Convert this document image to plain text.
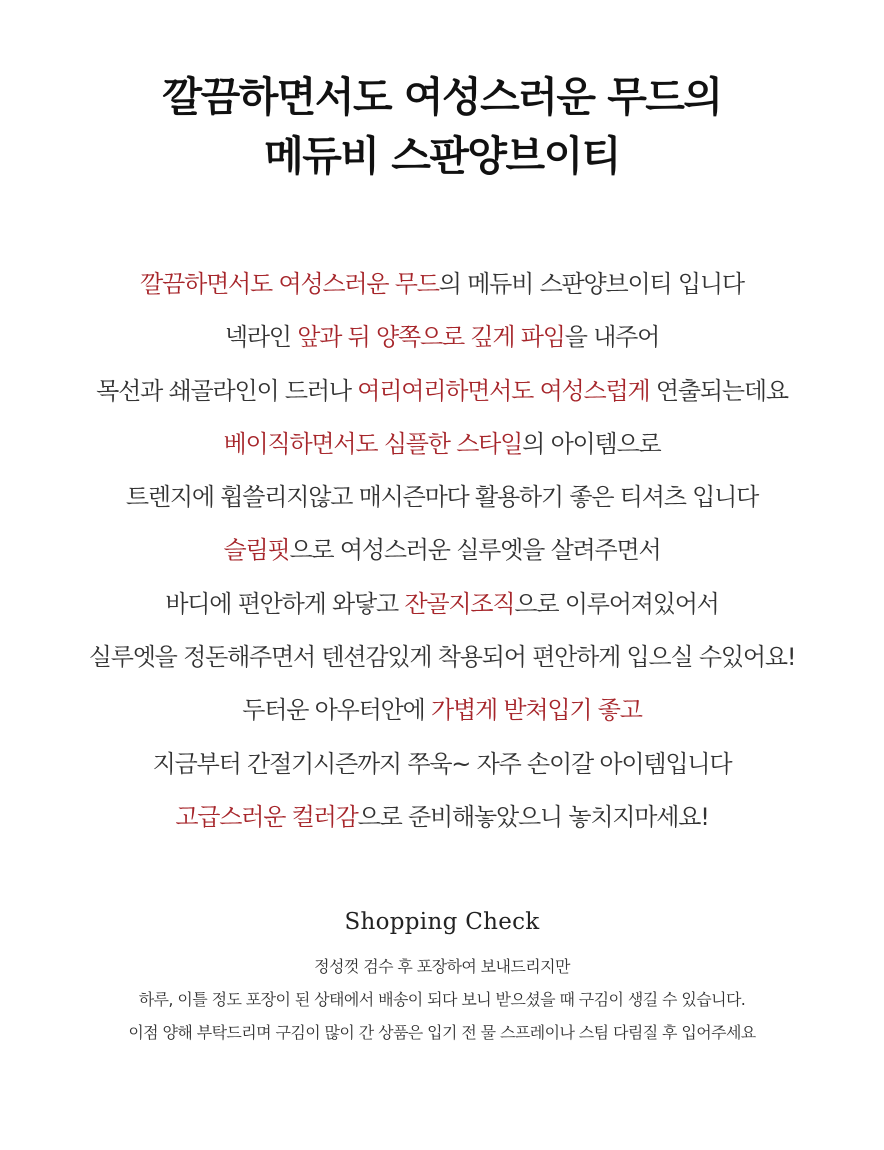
깔끔하면서도 여성스러운 무드의
메듀비 스판양브이티
깔끔하면서도 여성스러운 무드의 메듀비 스판양브이티 입니다
넥라인 앞과 뒤 양쪽으로 깊게 파임을 내주어
목선과 쇄골라인이 드러나 여리여리하면서도 여성스럽게 연출되는데요
베이직하면서도 심플한 스타일의 아이템으로
트렌지에 휩쓸리지않고 매시즌마다 활용하기 좋은 티셔츠 입니다
슬림핏으로 여성스러운 실루엣을 살려주면서
바디에 편안하게 와닿고 잔골지조직으로 이루어져있어서
실루엣을 정돈해주면서 텐션감있게 착용되어 편안하게 입으실 수있어요!
두터운 아우터안에 가볍게 받쳐입기 좋고
지금부터 간절기시즌까지 쭈욱~ 자주 손이갈 아이템입니다
고급스러운 컬러감으로 준비해놓았으니 놓치지마세요!
Shopping Check
정성껏 검수 후 포장하여 보내드리지만
하루, 이틀 정도 포장이 된 상태에서 배송이 되다 보니 받으셨을 때 구김이 생길 수 있습니다.
이점 양해 부탁드리며 구김이 많이 간 상품은 입기 전 물 스프레이나 스팀 다림질 후 입어주세요
